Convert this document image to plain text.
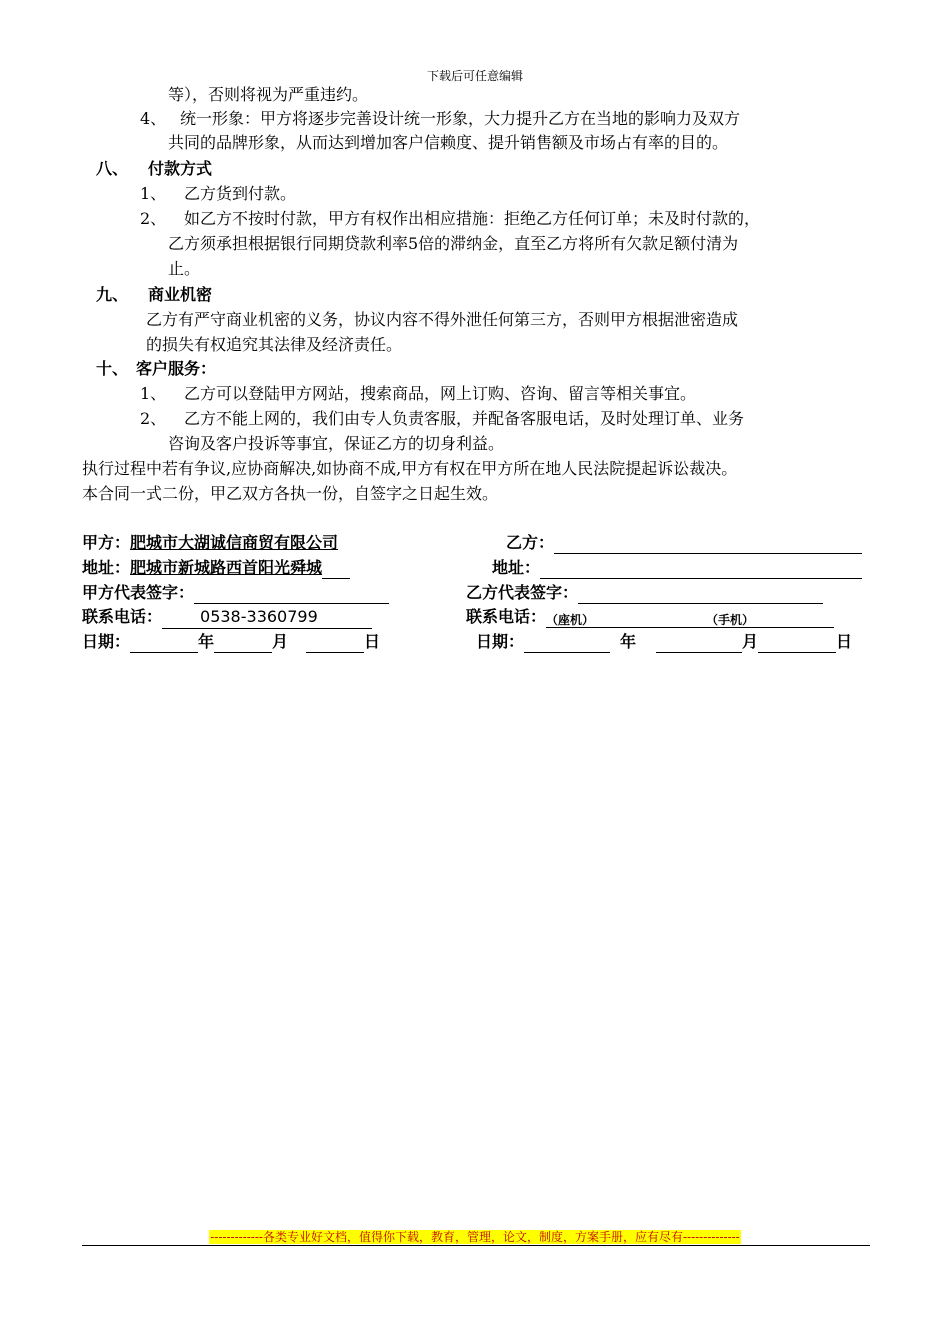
下载后可任意编辑
等），否则将视为严重违约。
4、 统一形象：甲方将逐步完善设计统一形象，大力提升乙方在当地的影响力及双方
共同的品牌形象，从而达到增加客户信赖度、提升销售额及市场占有率的目的。
八、 付款方式
1、 乙方货到付款。
2、 如乙方不按时付款，甲方有权作出相应措施：拒绝乙方任何订单；未及时付款的，
乙方须承担根据银行同期贷款利率5倍的滞纳金，直至乙方将所有欠款足额付清为
止。
九、 商业机密
乙方有严守商业机密的义务，协议内容不得外泄任何第三方，否则甲方根据泄密造成
的损失有权追究其法律及经济责任。
十、 客户服务：
1、 乙方可以登陆甲方网站，搜索商品，网上订购、咨询、留言等相关事宜。
2、 乙方不能上网的，我们由专人负责客服，并配备客服电话，及时处理订单、业务
咨询及客户投诉等事宜，保证乙方的切身利益。
执行过程中若有争议,应协商解决,如协商不成,甲方有权在甲方所在地人民法院提起诉讼裁决。
本合同一式二份，甲乙双方各执一份，自签字之日起生效。
甲方：肥城市大湖诚信商贸有限公司	乙方：
地址：肥城市新城路西首阳光舜城	地址：
甲方代表签字：	乙方代表签字：
联系电话： 0538-3360799	联系电话： （座机）	（手机）
日期：	年	月	日	日期：	年	月	日
-------------各类专业好文档，值得你下载，教育，管理，论文，制度，方案手册，应有尽有--------------
